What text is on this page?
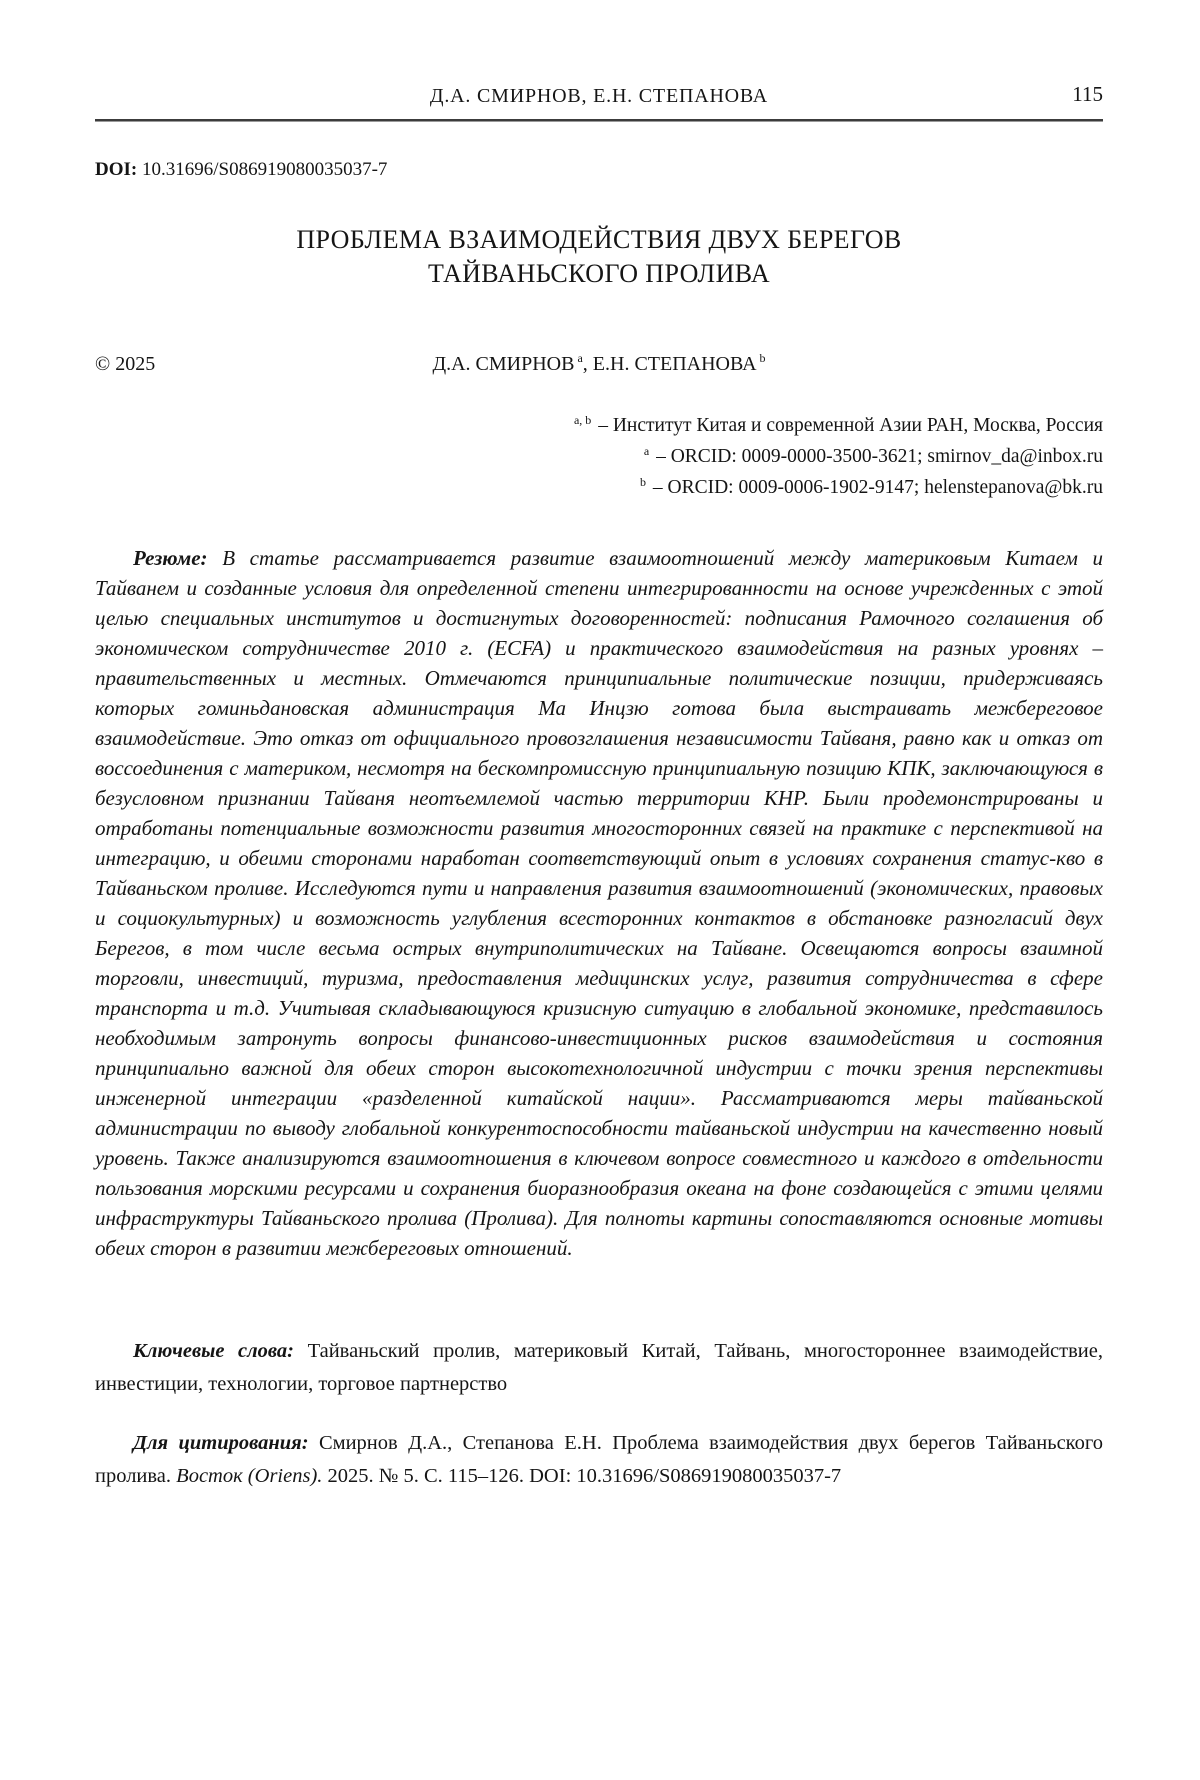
Д.А. СМИРНОВ, Е.Н. СТЕПАНОВА	115
DOI: 10.31696/S086919080035037-7
ПРОБЛЕМА ВЗАИМОДЕЙСТВИЯ ДВУХ БЕРЕГОВ
ТАЙВАНЬСКОГО ПРОЛИВА
© 2025	Д.А. СМИРНОВ $^a$, Е.Н. СТЕПАНОВА $^b$
$^{a, b}$ – Институт Китая и современной Азии РАН, Москва, Россия
$^a$ – ORCID: 0009-0000-3500-3621; smirnov_da@inbox.ru
$^b$ – ORCID: 0009-0006-1902-9147; helenstepanova@bk.ru

Резюме: В статье рассматривается развитие взаимоотношений между материковым Китаем и Тайванем и созданные условия для определенной степени интегрированности на основе учрежденных с этой целью специальных институтов и достигнутых договоренностей: подписания Рамочного соглашения об экономическом сотрудничестве 2010 г. (ECFA) и практического взаимодействия на разных уровнях – правительственных и местных. Отмечаются принципиальные политические позиции, придерживаясь которых гоминьдановская администрация Ма Инцзю готова была выстраивать межбереговое взаимодействие. Это отказ от официального провозглашения независимости Тайваня, равно как и отказ от воссоединения с материком, несмотря на бескомпромиссную принципиальную позицию КПК, заключающуюся в безусловном признании Тайваня неотъемлемой частью территории КНР. Были продемонстрированы и отработаны потенциальные возможности развития многосторонних связей на практике с перспективой на интеграцию, и обеими сторонами наработан соответствующий опыт в условиях сохранения статус-кво в Тайваньском проливе. Исследуются пути и направления развития взаимоотношений (экономических, правовых и социокультурных) и возможность углубления всесторонних контактов в обстановке разногласий двух Берегов, в том числе весьма острых внутриполитических на Тайване. Освещаются вопросы взаимной торговли, инвестиций, туризма, предоставления медицинских услуг, развития сотрудничества в сфере транспорта и т.д. Учитывая складывающуюся кризисную ситуацию в глобальной экономике, представилось необходимым затронуть вопросы финансово-инвестиционных рисков взаимодействия и состояния принципиально важной для обеих сторон высокотехнологичной индустрии с точки зрения перспективы инженерной интеграции «разделенной китайской нации». Рассматриваются меры тайваньской администрации по выводу глобальной конкурентоспособности тайваньской индустрии на качественно новый уровень. Также анализируются взаимоотношения в ключевом вопросе совместного и каждого в отдельности пользования морскими ресурсами и сохранения биоразнообразия океана на фоне создающейся с этими целями инфраструктуры Тайваньского пролива (Пролива). Для полноты картины сопоставляются основные мотивы обеих сторон в развитии межбереговых отношений.

Ключевые слова: Тайваньский пролив, материковый Китай, Тайвань, многостороннее взаимодействие, инвестиции, технологии, торговое партнерство

Для цитирования: Смирнов Д.А., Степанова Е.Н. Проблема взаимодействия двух берегов Тайваньского пролива. Восток (Oriens). 2025. № 5. С. 115–126. DOI: 10.31696/S086919080035037-7
